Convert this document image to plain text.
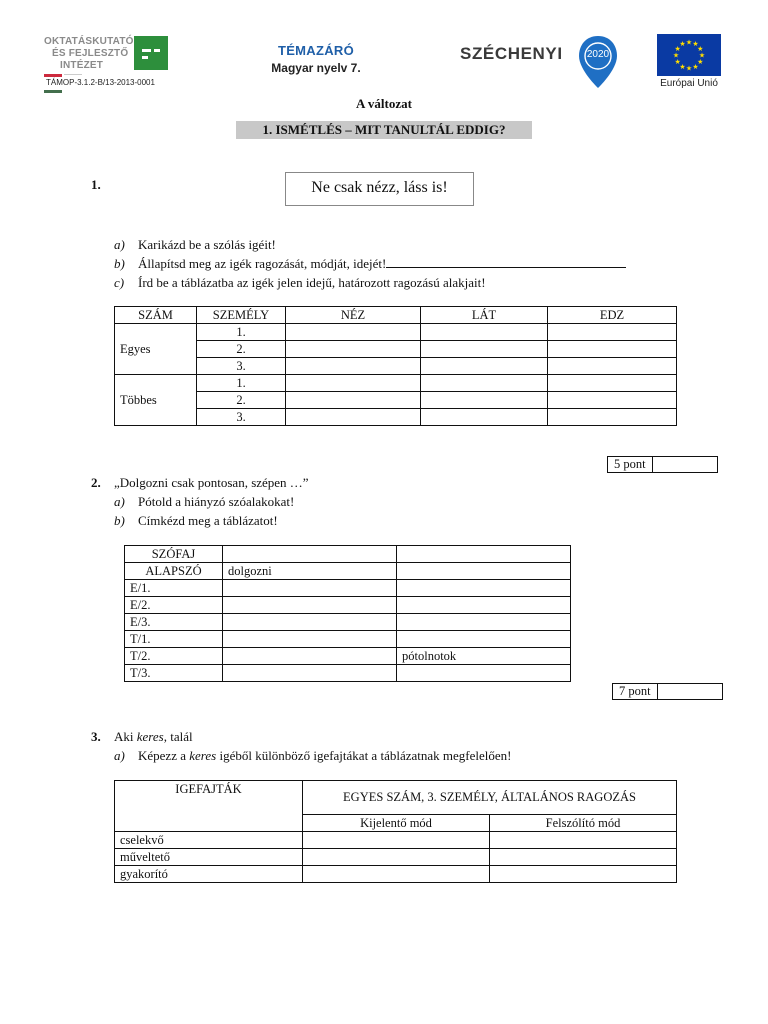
OKTATÁSKUTATÓ
ÉS FEJLESZTŐ
INTÉZET
TÁMOP-3.1.2-B/13-2013-0001
TÉMAZÁRÓ
Magyar nyelv 7.
SZÉCHENYI	2020
★ ★
★
★
★
★
★
★
★
★
★
★
Európai Unió
A változat
1. ISMÉTLÉS – MIT TANULTÁL EDDIG?
1.	Ne csak nézz, láss is!
a) Karikázd be a szólás igéit!
b) Állapítsd meg az igék ragozását, módját, idejét!
c) Írd be a táblázatba az igék jelen idejű, határozott ragozású alakjait!
SZÁM	SZEMÉLY	NÉZ	LÁT	EDZ
Egyes	1.			
	2.			
	3.			
Többes	1.			
	2.			
	3.			
5 pont
2. „Dolgozni csak pontosan, szépen …”
a) Pótold a hiányzó szóalakokat!
b) Címkézd meg a táblázatot!
SZÓFAJ		
ALAPSZÓ	dolgozni	
E/1.		
E/2.		
E/3.		
T/1.		
T/2.		pótolnotok
T/3.		
7 pont
3. Aki keres, talál
a) Képezz a keres igéből különböző igefajtákat a táblázatnak megfelelően!
IGEFAJTÁK	EGYES SZÁM, 3. SZEMÉLY, ÁLTALÁNOS RAGOZÁS	
	Kijelentő mód	Felszólító mód
cselekvő		
műveltető		
gyakorító		
